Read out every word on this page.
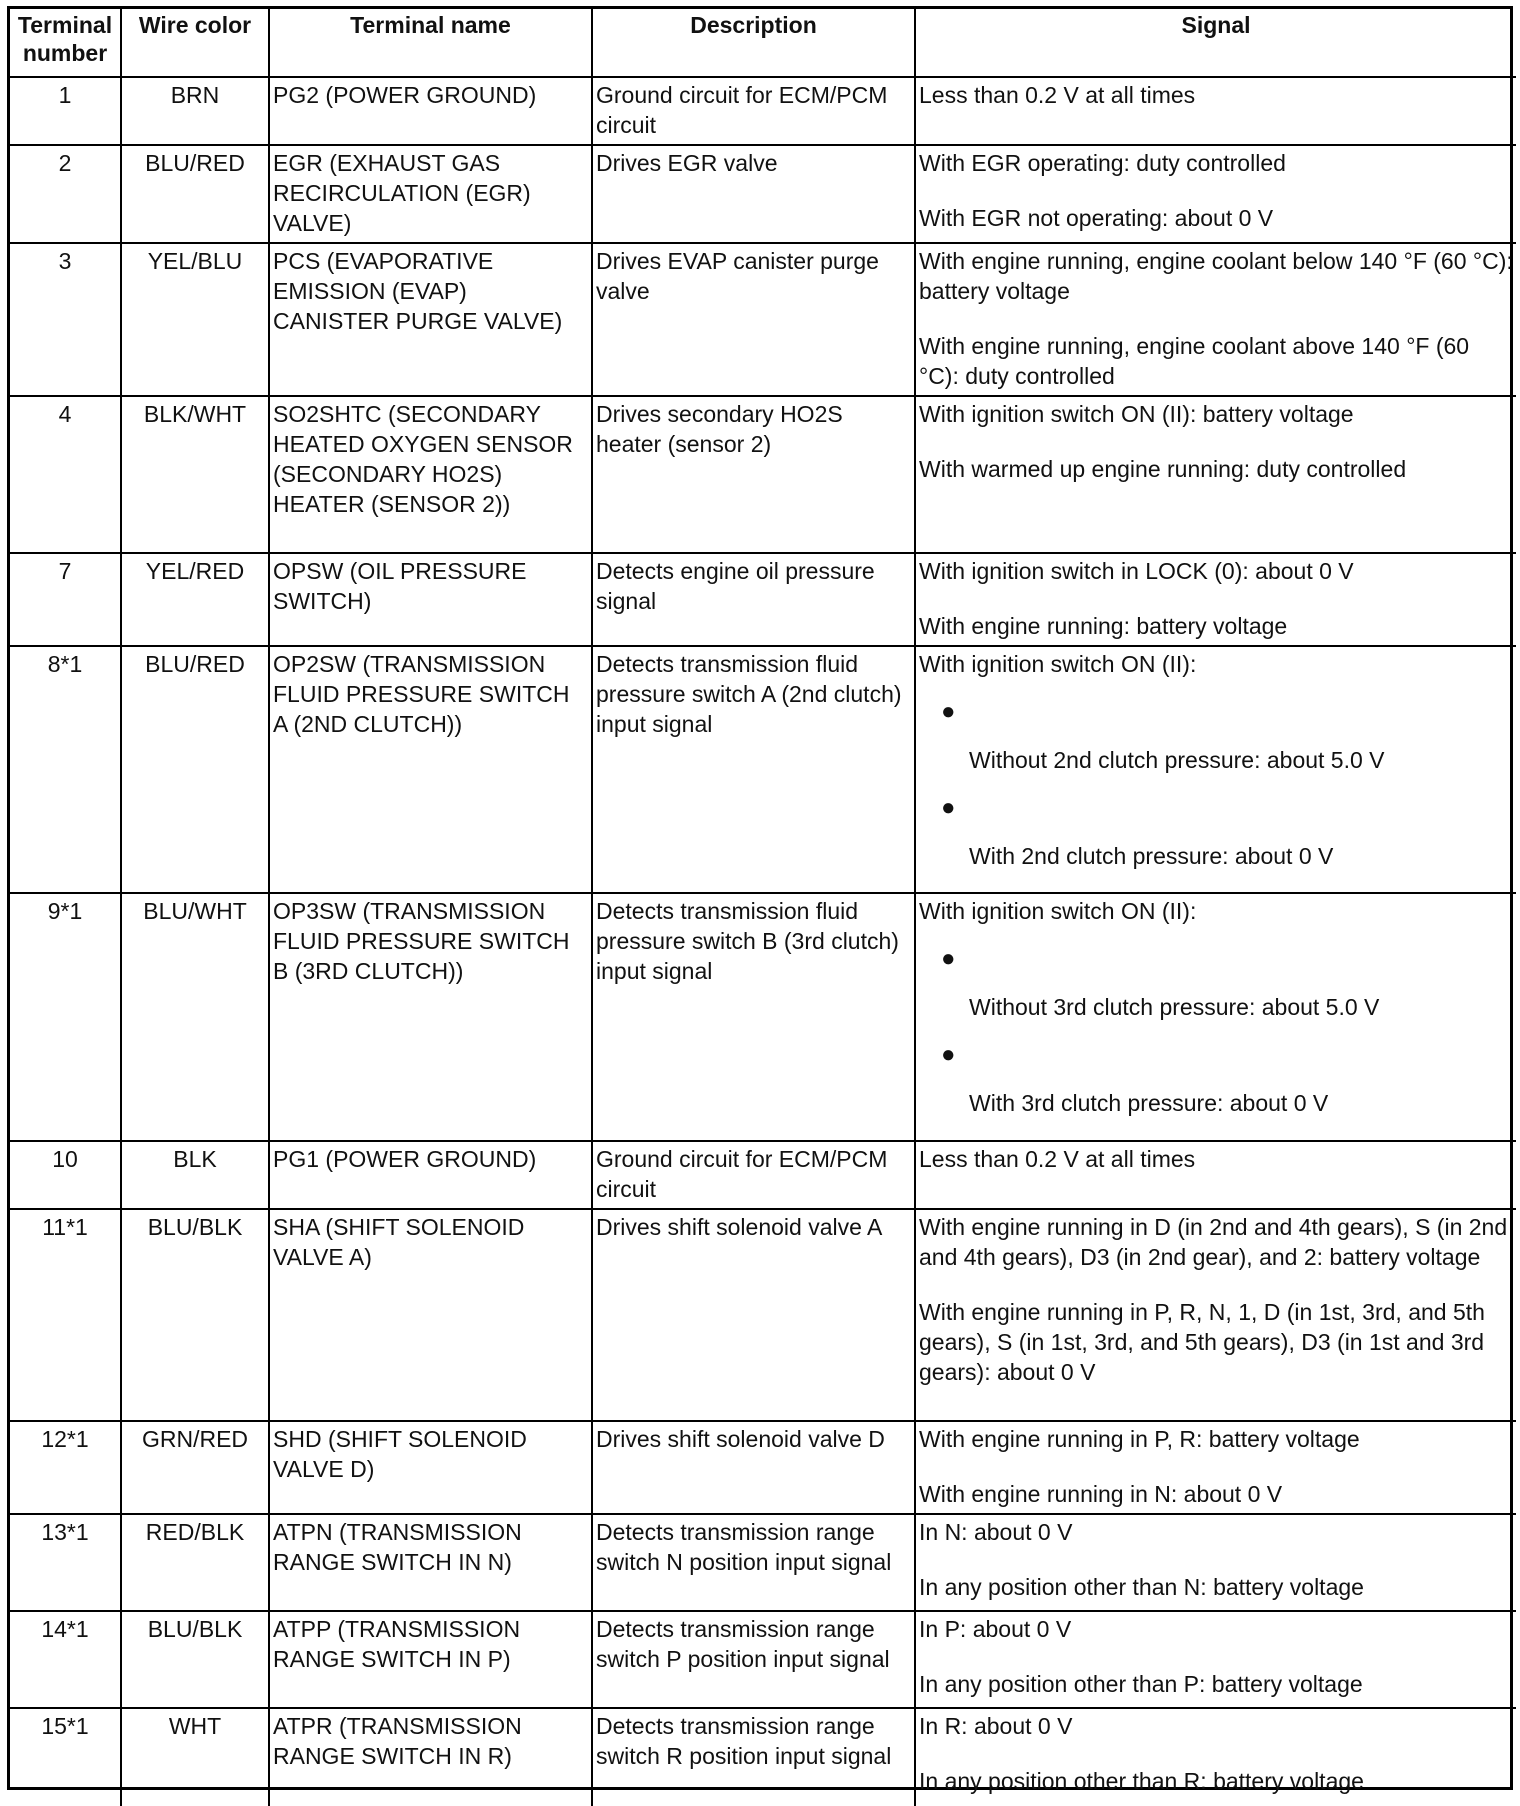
Terminal number	Wire color	Terminal name	Description	Signal
1	BRN	PG2 (POWER GROUND)	Ground circuit for ECM/PCM circuit	Less than 0.2 V at all times

2	BLU/RED	EGR (EXHAUST GAS RECIRCULATION (EGR) VALVE)	Drives EGR valve	With EGR operating: duty controlled

With EGR not operating: about 0 V

3	YEL/BLU	PCS (EVAPORATIVE EMISSION (EVAP) CANISTER PURGE VALVE)	Drives EVAP canister purge valve	With engine running, engine coolant below 140 °F (60 °C): battery voltage

With engine running, engine coolant above 140 °F (60 °C): duty controlled

4	BLK/WHT	SO2SHTC (SECONDARY HEATED OXYGEN SENSOR (SECONDARY HO2S) HEATER (SENSOR 2))	Drives secondary HO2S heater (sensor 2)	With ignition switch ON (II): battery voltage

With warmed up engine running: duty controlled

7	YEL/RED	OPSW (OIL PRESSURE SWITCH)	Detects engine oil pressure signal	With ignition switch in LOCK (0): about 0 V

With engine running: battery voltage

8*1	BLU/RED	OP2SW (TRANSMISSION FLUID PRESSURE SWITCH A (2ND CLUTCH))	Detects transmission fluid pressure switch A (2nd clutch) input signal	With ignition switch ON (II):

●
Without 2nd clutch pressure: about 5.0 V
●
With 2nd clutch pressure: about 0 V

9*1	BLU/WHT	OP3SW (TRANSMISSION FLUID PRESSURE SWITCH B (3RD CLUTCH))	Detects transmission fluid pressure switch B (3rd clutch) input signal	With ignition switch ON (II):

●
Without 3rd clutch pressure: about 5.0 V
●
With 3rd clutch pressure: about 0 V

10	BLK	PG1 (POWER GROUND)	Ground circuit for ECM/PCM circuit	Less than 0.2 V at all times

11*1	BLU/BLK	SHA (SHIFT SOLENOID VALVE A)	Drives shift solenoid valve A	With engine running in D (in 2nd and 4th gears), S (in 2nd and 4th gears), D3 (in 2nd gear), and 2: battery voltage

With engine running in P, R, N, 1, D (in 1st, 3rd, and 5th gears), S (in 1st, 3rd, and 5th gears), D3 (in 1st and 3rd gears): about 0 V

12*1	GRN/RED	SHD (SHIFT SOLENOID VALVE D)	Drives shift solenoid valve D	With engine running in P, R: battery voltage

With engine running in N: about 0 V

13*1	RED/BLK	ATPN (TRANSMISSION RANGE SWITCH IN N)	Detects transmission range switch N position input signal	In N: about 0 V

In any position other than N: battery voltage

14*1	BLU/BLK	ATPP (TRANSMISSION RANGE SWITCH IN P)	Detects transmission range switch P position input signal	In P: about 0 V

In any position other than P: battery voltage

15*1	WHT	ATPR (TRANSMISSION RANGE SWITCH IN R)	Detects transmission range switch R position input signal	In R: about 0 V

In any position other than R: battery voltage
